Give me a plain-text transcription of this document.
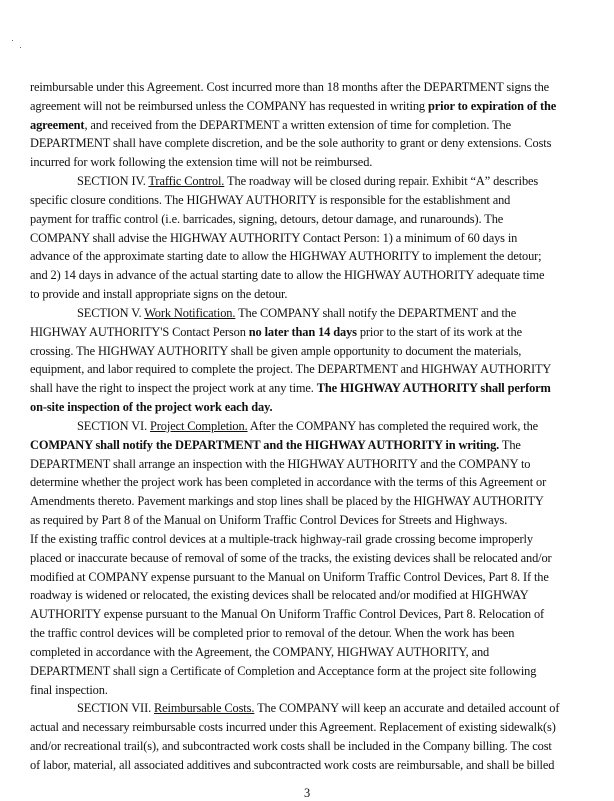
reimbursable under this Agreement. Cost incurred more than 18 months after the DEPARTMENT signs the
agreement will not be reimbursed unless the COMPANY has requested in writing prior to expiration of the
agreement, and received from the DEPARTMENT a written extension of time for completion. The
DEPARTMENT shall have complete discretion, and be the sole authority to grant or deny extensions. Costs
incurred for work following the extension time will not be reimbursed.
SECTION IV. Traffic Control. The roadway will be closed during repair. Exhibit “A” describes
specific closure conditions. The HIGHWAY AUTHORITY is responsible for the establishment and
payment for traffic control (i.e. barricades, signing, detours, detour damage, and runarounds). The
COMPANY shall advise the HIGHWAY AUTHORITY Contact Person: 1) a minimum of 60 days in
advance of the approximate starting date to allow the HIGHWAY AUTHORITY to implement the detour;
and 2) 14 days in advance of the actual starting date to allow the HIGHWAY AUTHORITY adequate time
to provide and install appropriate signs on the detour.
SECTION V. Work Notification. The COMPANY shall notify the DEPARTMENT and the
HIGHWAY AUTHORITY'S Contact Person no later than 14 days prior to the start of its work at the
crossing. The HIGHWAY AUTHORITY shall be given ample opportunity to document the materials,
equipment, and labor required to complete the project. The DEPARTMENT and HIGHWAY AUTHORITY
shall have the right to inspect the project work at any time. The HIGHWAY AUTHORITY shall perform
on-site inspection of the project work each day.
SECTION VI. Project Completion. After the COMPANY has completed the required work, the
COMPANY shall notify the DEPARTMENT and the HIGHWAY AUTHORITY in writing. The
DEPARTMENT shall arrange an inspection with the HIGHWAY AUTHORITY and the COMPANY to
determine whether the project work has been completed in accordance with the terms of this Agreement or
Amendments thereto. Pavement markings and stop lines shall be placed by the HIGHWAY AUTHORITY
as required by Part 8 of the Manual on Uniform Traffic Control Devices for Streets and Highways.
If the existing traffic control devices at a multiple-track highway-rail grade crossing become improperly
placed or inaccurate because of removal of some of the tracks, the existing devices shall be relocated and/or
modified at COMPANY expense pursuant to the Manual on Uniform Traffic Control Devices, Part 8. If the
roadway is widened or relocated, the existing devices shall be relocated and/or modified at HIGHWAY
AUTHORITY expense pursuant to the Manual On Uniform Traffic Control Devices, Part 8. Relocation of
the traffic control devices will be completed prior to removal of the detour. When the work has been
completed in accordance with the Agreement, the COMPANY, HIGHWAY AUTHORITY, and
DEPARTMENT shall sign a Certificate of Completion and Acceptance form at the project site following
final inspection.
SECTION VII. Reimbursable Costs. The COMPANY will keep an accurate and detailed account of
actual and necessary reimbursable costs incurred under this Agreement. Replacement of existing sidewalk(s)
and/or recreational trail(s), and subcontracted work costs shall be included in the Company billing. The cost
of labor, material, all associated additives and subcontracted work costs are reimbursable, and shall be billed
3
